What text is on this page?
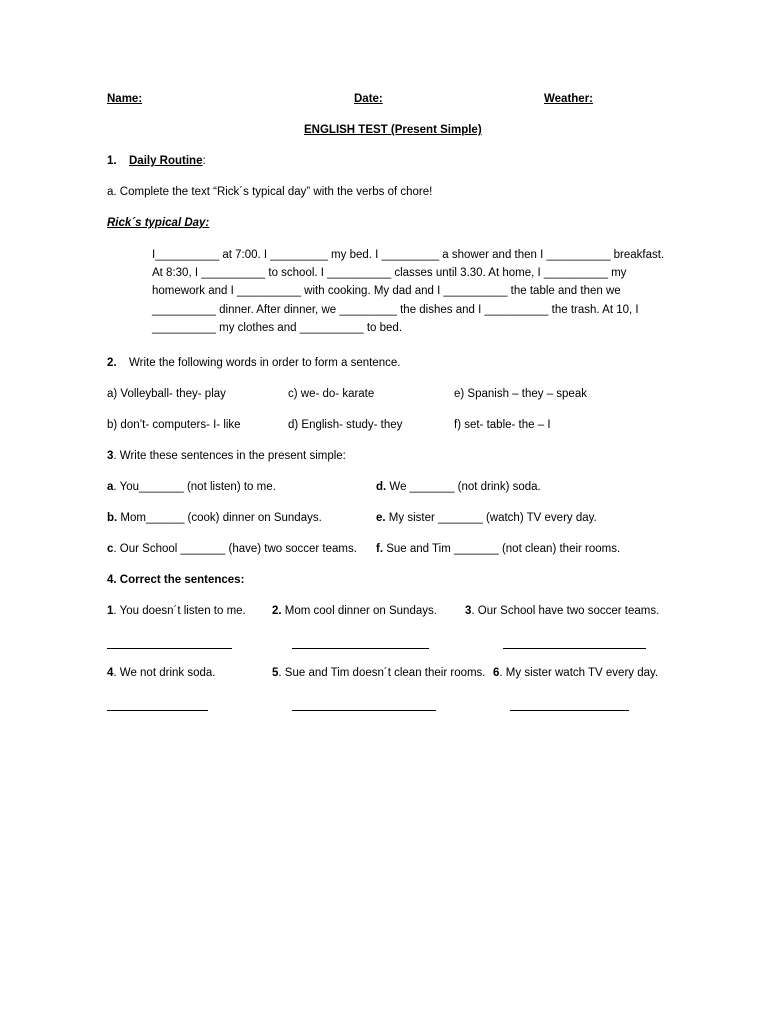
Name:	Date:	Weather:
ENGLISH TEST (Present Simple)
1. Daily Routine:
a. Complete the text “Rick´s typical day” with the verbs of chore!
Rick´s typical Day:
I__________ at 7:00. I _________ my bed. I _________ a shower and then I __________ breakfast.
At 8:30, I __________ to school. I __________ classes until 3.30. At home, I __________ my
homework and I __________ with cooking. My dad and I __________ the table and then we
__________ dinner. After dinner, we _________ the dishes and I __________ the trash. At 10, I
__________ my clothes and __________ to bed.
2. Write the following words in order to form a sentence.
a) Volleyball- they- play	c) we- do- karate	e) Spanish – they – speak
b) don’t- computers- I- like	d) English- study- they	f) set- table- the – I
3. Write these sentences in the present simple:
a. You_______ (not listen) to me.	d. We _______ (not drink) soda.
b. Mom______ (cook) dinner on Sundays.	e. My sister _______ (watch) TV every day.
c. Our School _______ (have) two soccer teams. f. Sue and Tim _______ (not clean) their rooms.
4. Correct the sentences:
1. You doesn´t listen to me. 2. Mom cool dinner on Sundays. 3. Our School have two soccer teams.
4. We not drink soda.	5. Sue and Tim doesn´t clean their rooms. 6. My sister watch TV every day.
